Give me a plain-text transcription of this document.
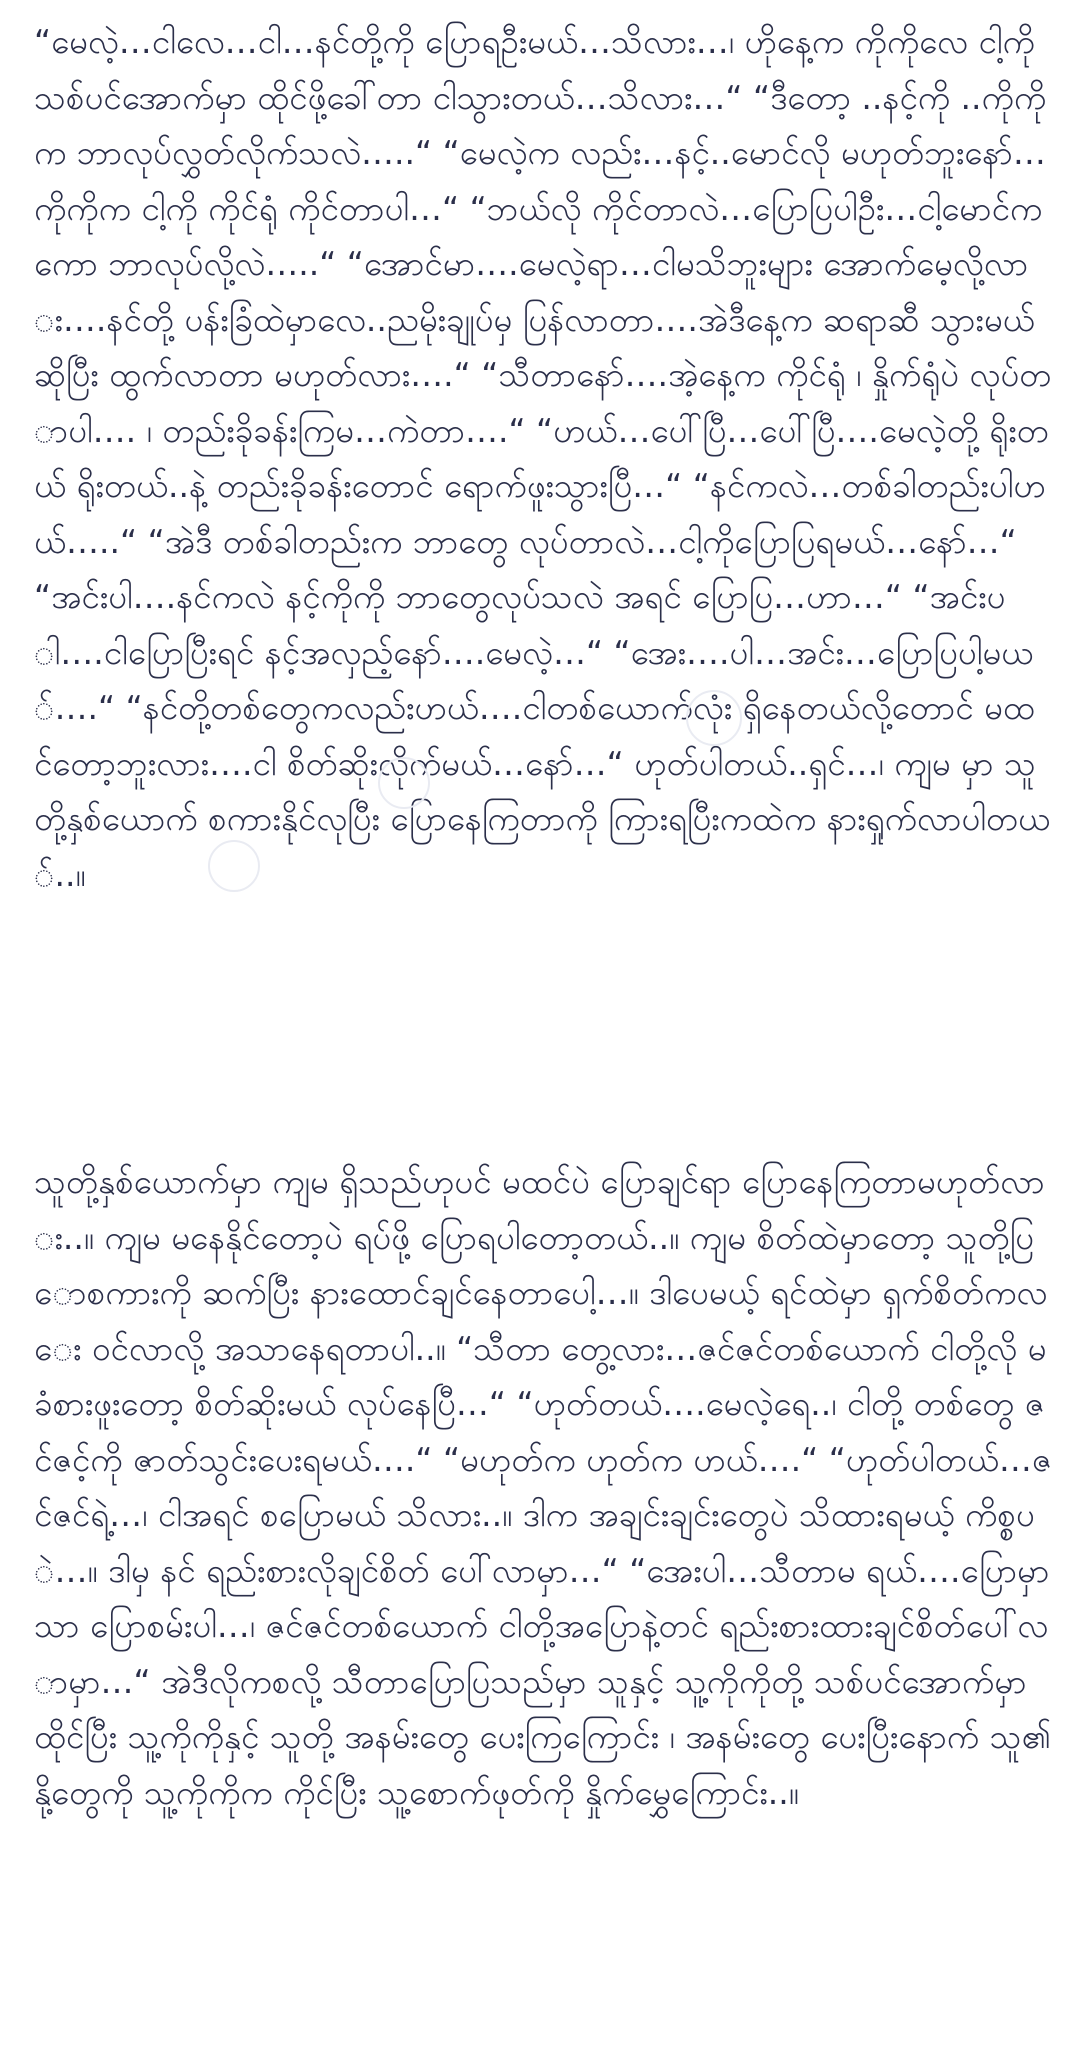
“မေလဲ့…ငါလေ…ငါ…နင်တို့ကို ပြောရဦးမယ်…သိလား…၊ ဟိုနေ့က ကိုကိုလေ ငါ့ကို သစ်ပင်အောက်မှာ ထိုင်ဖို့ခေါ်တာ ငါသွားတယ်…သိလား…“ “ဒီတော့ ..နင့်ကို ..ကိုကိုက ဘာလုပ်လွှတ်လိုက်သလဲ…..“ “မေလဲ့က လည်း…နင့်..မောင်လို မဟုတ်ဘူးနော်…ကိုကိုက ငါ့ကို ကိုင်ရုံ ကိုင်တာပါ…“ “ဘယ်လို ကိုင်တာလဲ…ပြောပြပါဦး…ငါ့မောင်ကကော ဘာလုပ်လို့လဲ…..“ “အောင်မာ….မေလဲ့ရာ…ငါမသိဘူးများ အောက်မေ့လို့လား….နင်တို့ ပန်းခြံထဲမှာလေ..ညမိုးချုပ်မှ ပြန်လာတာ….အဲဒီနေ့က ဆရာဆီ သွားမယ်ဆိုပြီး ထွက်လာတာ မဟုတ်လား….“ “သီတာနော်….အဲ့နေ့က ကိုင်ရုံ ၊ နှိုက်ရုံပဲ လုပ်တာပါ…. ၊ တည်းခိုခန်းကြမ…ကဲတာ….“ “ဟယ်…ပေါ်ပြီ…ပေါ်ပြီ….မေလဲ့တို့ ရိုးတယ် ရိုးတယ်..နဲ့ တည်းခိုခန်းတောင် ရောက်ဖူးသွားပြီ…“ “နင်ကလဲ…တစ်ခါတည်းပါဟယ်…..“ “အဲဒီ တစ်ခါတည်းက ဘာတွေ လုပ်တာလဲ…ငါ့ကိုပြောပြရမယ်…နော်…“ “အင်းပါ….နင်ကလဲ နင့်ကိုကို ဘာတွေလုပ်သလဲ အရင် ပြောပြ…ဟာ…“ “အင်းပါ….ငါပြောပြီးရင် နင့်အလှည့်နော်….မေလဲ့…“ “အေး….ပါ…အင်း…ပြောပြပါ့မယ်….“ “နင်တို့တစ်တွေကလည်းဟယ်….ငါတစ်ယောက်လုံး ရှိနေတယ်လို့တောင် မထင်တော့ဘူးလား….ငါ စိတ်ဆိုးလိုက်မယ်…နော်…“ ဟုတ်ပါတယ်..ရှင်…၊ ကျမ မှာ သူတို့နှစ်ယောက် စကားနိုင်လုပြီး ပြောနေကြတာကို ကြားရပြီးကထဲက နားရှုက်လာပါတယ်..။

သူတို့နှစ်ယောက်မှာ ကျမ ရှိသည်ဟုပင် မထင်ပဲ ပြောချင်ရာ ပြောနေကြတာမဟုတ်လား..။ ကျမ မနေနိုင်တော့ပဲ ရပ်ဖို့ ပြောရပါတော့တယ်..။ ကျမ စိတ်ထဲမှာတော့ သူတို့ပြောစကားကို ဆက်ပြီး နားထောင်ချင်နေတာပေါ့…။ ဒါပေမယ့် ရင်ထဲမှာ ရှက်စိတ်ကလေး ဝင်လာလို့ အသာနေရတာပါ..။ “သီတာ တွေ့လား…ဇင်ဇင်တစ်ယောက် ငါတို့လို မခံစားဖူးတော့ စိတ်ဆိုးမယ် လုပ်နေပြီ…“ “ဟုတ်တယ်….မေလဲ့ရေ..၊ ငါတို့ တစ်တွေ ဇင်ဇင့်ကို ဇာတ်သွင်းပေးရမယ်….“ “မဟုတ်က ဟုတ်က ဟယ်….“ “ဟုတ်ပါတယ်…ဇင်ဇင်ရဲ့…၊ ငါအရင် စပြောမယ် သိလား..။ ဒါက အချင်းချင်းတွေပဲ သိထားရမယ့် ကိစ္စပဲ…။ ဒါမှ နင် ရည်းစားလိုချင်စိတ် ပေါ်လာမှာ…“ “အေးပါ…သီတာမ ရယ်….ပြောမှာသာ ပြောစမ်းပါ…၊ ဇင်ဇင်တစ်ယောက် ငါတို့အပြောနဲ့တင် ရည်းစားထားချင်စိတ်ပေါ်လာမှာ…“ အဲဒီလိုကစလို့ သီတာပြောပြသည်မှာ သူနှင့် သူ့ကိုကိုတို့ သစ်ပင်အောက်မှာ ထိုင်ပြီး သူ့ကိုကိုနှင့် သူတို့ အနမ်းတွေ ပေးကြကြောင်း ၊ အနမ်းတွေ ပေးပြီးနောက် သူ၏ နို့တွေကို သူ့ကိုကိုက ကိုင်ပြီး သူ့စောက်ဖုတ်ကို နှိုက်မွှေကြောင်း..။
